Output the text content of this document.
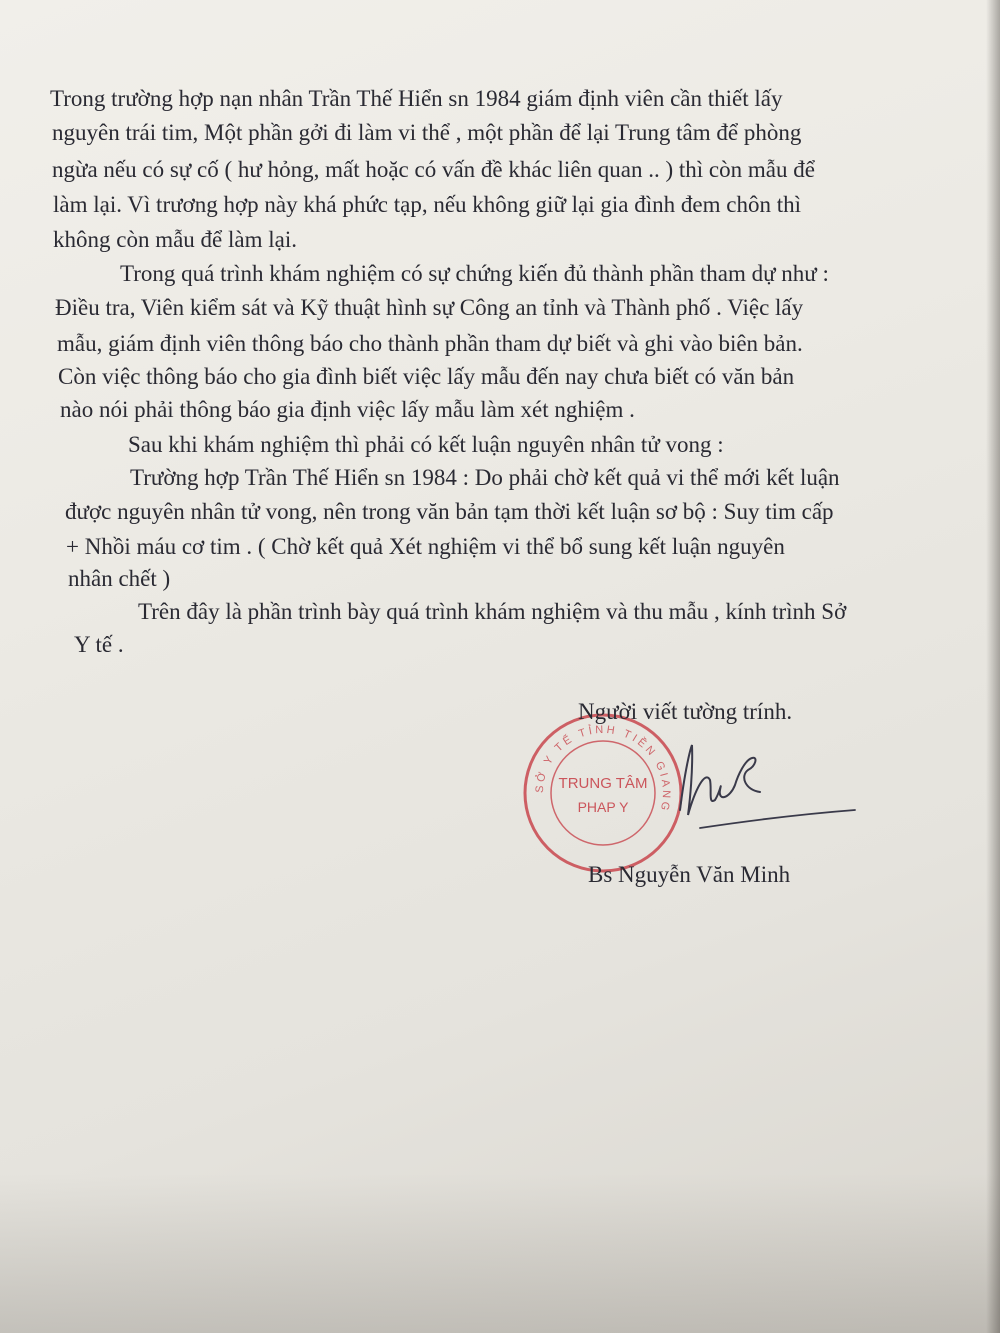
Trong trường hợp nạn nhân Trần Thế Hiển sn 1984 giám định viên cần thiết lấy

nguyên trái tim, Một phần gởi đi làm vi thể , một phần để lại Trung tâm để phòng

ngừa nếu có sự cố ( hư hỏng, mất hoặc có vấn đề khác liên quan .. ) thì còn mẫu để

làm lại. Vì trương hợp này khá phức tạp, nếu không giữ lại gia đình đem chôn thì

không còn mẫu để làm lại.

Trong quá trình khám nghiệm có sự chứng kiến đủ thành phần tham dự như :

Điều tra, Viên kiểm sát và Kỹ thuật hình sự Công an tỉnh và Thành phố . Việc lấy

mẫu, giám định viên thông báo cho thành phần tham dự biết và ghi vào biên bản.

Còn việc thông báo cho gia đình biết việc lấy mẫu đến nay chưa biết có văn bản

nào nói phải thông báo gia định việc lấy mẫu làm xét nghiệm .

Sau khi khám nghiệm thì phải có kết luận nguyên nhân tử vong :

Trường hợp Trần Thế Hiển sn 1984 : Do phải chờ kết quả vi thể mới kết luận

được nguyên nhân tử vong, nên trong văn bản tạm thời kết luận sơ bộ : Suy tim cấp

+ Nhồi máu cơ tim . ( Chờ kết quả Xét nghiệm vi thể bổ sung kết luận nguyên

nhân chết )

Trên đây là phần trình bày quá trình khám nghiệm và thu mẫu , kính trình Sở

Y tế .

SỞ Y TẾ TỈNH TIỀN GIANG
TRUNG TÂM
PHAP Y
Người viết tường trính.
Bs Nguyễn Văn Minh
